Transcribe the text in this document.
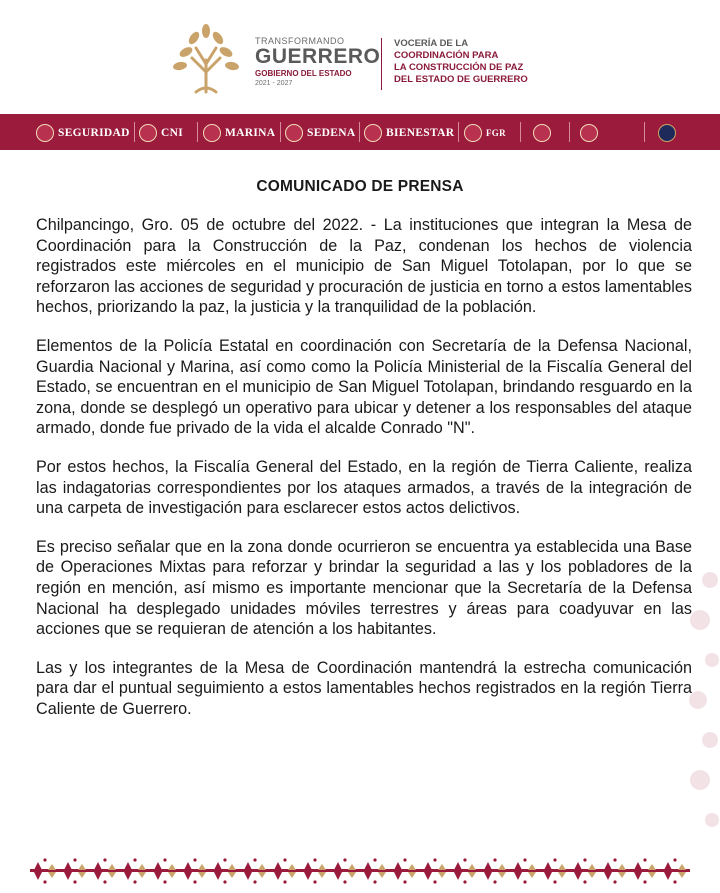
TRANSFORMANDO
GUERRERO
GOBIERNO DEL ESTADO
2021 - 2027
VOCERÍA DE LA
COORDINACIÓN PARA
LA CONSTRUCCIÓN DE PAZ
DEL ESTADO DE GUERRERO
SEGURIDAD	CNI	MARINA	SEDENA	BIENESTAR	FGR
COMUNICADO DE PRENSA

Chilpancingo, Gro. 05 de octubre del 2022. - La instituciones que integran la Mesa de Coordinación para la Construcción de la Paz, condenan los hechos de violencia registrados este miércoles en el municipio de San Miguel Totolapan, por lo que se reforzaron las acciones de seguridad y procuración de justicia en torno a estos lamentables hechos, priorizando la paz, la justicia y la tranquilidad de la población.

Elementos de la Policía Estatal en coordinación con Secretaría de la Defensa Nacional, Guardia Nacional y Marina, así como como la Policía Ministerial de la Fiscalía General del Estado, se encuentran en el municipio de San Miguel Totolapan, brindando resguardo en la zona, donde se desplegó un operativo para ubicar y detener a los responsables del ataque armado, donde fue privado de la vida el alcalde Conrado "N".

Por estos hechos, la Fiscalía General del Estado, en la región de Tierra Caliente, realiza las indagatorias correspondientes por los ataques armados, a través de la integración de una carpeta de investigación para esclarecer estos actos delictivos.

Es preciso señalar que en la zona donde ocurrieron se encuentra ya establecida una Base de Operaciones Mixtas para reforzar y brindar la seguridad a las y los pobladores de la región en mención, así mismo es importante mencionar que la Secretaría de la Defensa Nacional ha desplegado unidades móviles terrestres y áreas para coadyuvar en las acciones que se requieran de atención a los habitantes.

Las y los integrantes de la Mesa de Coordinación mantendrá la estrecha comunicación para dar el puntual seguimiento a estos lamentables hechos registrados en la región Tierra Caliente de Guerrero.
